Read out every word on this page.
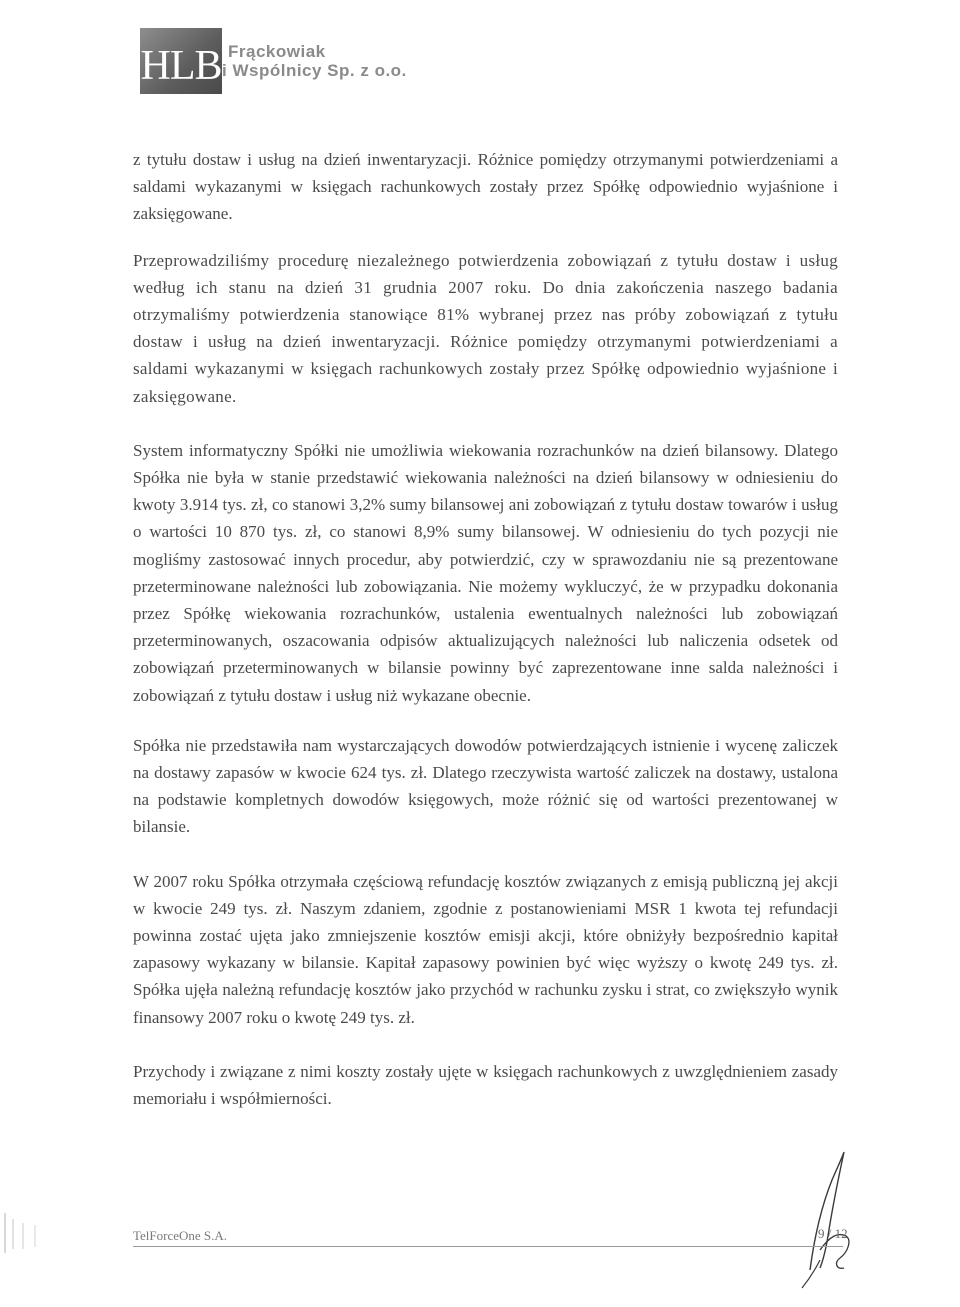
HLB Frąckowiak
i Wspólnicy Sp. z o.o.

z tytułu dostaw i usług na dzień inwentaryzacji. Różnice pomiędzy otrzymanymi potwierdzeniami a saldami wykazanymi w księgach rachunkowych zostały przez Spółkę odpowiednio wyjaśnione i zaksięgowane.

Przeprowadziliśmy procedurę niezależnego potwierdzenia zobowiązań z tytułu dostaw i usług według ich stanu na dzień 31 grudnia 2007 roku. Do dnia zakończenia naszego badania otrzymaliśmy potwierdzenia stanowiące 81% wybranej przez nas próby zobowiązań z tytułu dostaw i usług na dzień inwentaryzacji. Różnice pomiędzy otrzymanymi potwierdzeniami a saldami wykazanymi w księgach rachunkowych zostały przez Spółkę odpowiednio wyjaśnione i zaksięgowane.

System informatyczny Spółki nie umożliwia wiekowania rozrachunków na dzień bilansowy. Dlatego Spółka nie była w stanie przedstawić wiekowania należności na dzień bilansowy w odniesieniu do kwoty 3.914 tys. zł, co stanowi 3,2% sumy bilansowej ani zobowiązań z tytułu dostaw towarów i usług o wartości 10 870 tys. zł, co stanowi 8,9% sumy bilansowej. W odniesieniu do tych pozycji nie mogliśmy zastosować innych procedur, aby potwierdzić, czy w sprawozdaniu nie są prezentowane przeterminowane należności lub zobowiązania. Nie możemy wykluczyć, że w przypadku dokonania przez Spółkę wiekowania rozrachunków, ustalenia ewentualnych należności lub zobowiązań przeterminowanych, oszacowania odpisów aktualizujących należności lub naliczenia odsetek od zobowiązań przeterminowanych w bilansie powinny być zaprezentowane inne salda należności i zobowiązań z tytułu dostaw i usług niż wykazane obecnie.

Spółka nie przedstawiła nam wystarczających dowodów potwierdzających istnienie i wycenę zaliczek na dostawy zapasów w kwocie 624 tys. zł. Dlatego rzeczywista wartość zaliczek na dostawy, ustalona na podstawie kompletnych dowodów księgowych, może różnić się od wartości prezentowanej w bilansie.

W 2007 roku Spółka otrzymała częściową refundację kosztów związanych z emisją publiczną jej akcji w kwocie 249 tys. zł. Naszym zdaniem, zgodnie z postanowieniami MSR 1 kwota tej refundacji powinna zostać ujęta jako zmniejszenie kosztów emisji akcji, które obniżyły bezpośrednio kapitał zapasowy wykazany w bilansie. Kapitał zapasowy powinien być więc wyższy o kwotę 249 tys. zł. Spółka ujęła należną refundację kosztów jako przychód w rachunku zysku i strat, co zwiększyło wynik finansowy 2007 roku o kwotę 249 tys. zł.

Przychody i związane z nimi koszty zostały ujęte w księgach rachunkowych z uwzględnieniem zasady memoriału i współmierności.

TelForceOne S.A.	9 / 12
